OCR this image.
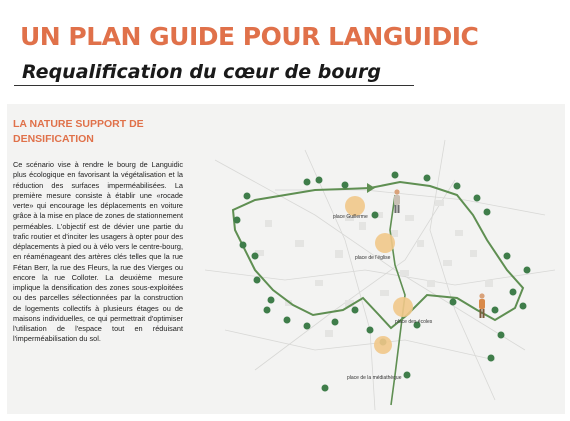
UN PLAN GUIDE POUR LANGUIDIC
Requalification du cœur de bourg
LA NATURE SUPPORT DE DENSIFICATION

Ce scénario vise à rendre le bourg de Languidic plus écologique en favorisant la végétalisation et la réduction des surfaces imperméabilisées. La première mesure consiste à établir une «rocade verte» qui encourage les déplacements en voiture grâce à la mise en place de zones de stationnement perméables. L'objectif est de dévier une partie du trafic routier et d'inciter les usagers à opter pour des déplacements à pied ou à vélo vers le centre-bourg, en réaménageant des artères clés telles que la rue Fétan Berr, la rue des Fleurs, la rue des Vierges ou encore la rue Colloter. La deuxième mesure implique la densification des zones sous-exploitées ou des parcelles sélectionnées par la construction de logements collectifs à plusieurs étages ou de maisons individuelles, ce qui permettrait d'optimiser l'utilisation de l'espace tout en réduisant l'imperméabilisation du sol.

place Guillerme
place de l'église
place des écoles
place de la médiathèque
